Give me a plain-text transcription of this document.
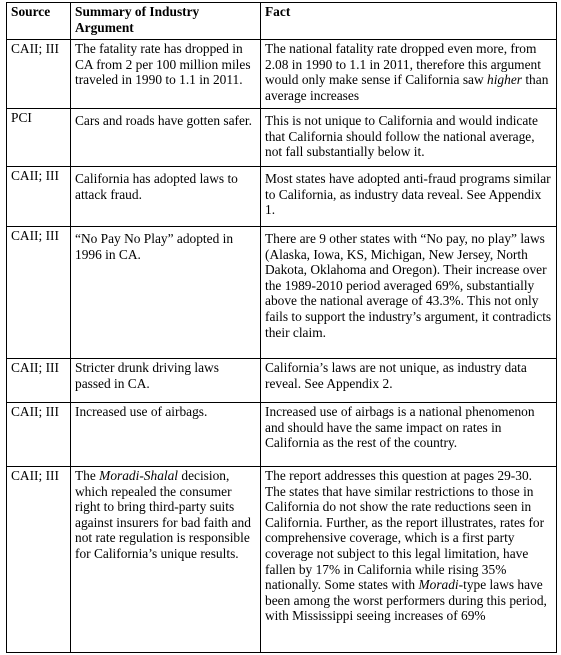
Source	Summary of Industry Argument	Fact
CAII; III	The fatality rate has dropped in CA from 2 per 100 million miles traveled in 1990 to 1.1 in 2011.	The national fatality rate dropped even more, from 2.08 in 1990 to 1.1 in 2011, therefore this argument would only make sense if California saw higher than average increases
PCI	Cars and roads have gotten safer.	This is not unique to California and would indicate that California should follow the national average, not fall substantially below it.
CAII; III	California has adopted laws to attack fraud.	Most states have adopted anti-fraud programs similar to California, as industry data reveal. See Appendix 1.
CAII; III	“No Pay No Play” adopted in 1996 in CA.	There are 9 other states with “No pay, no play” laws (Alaska, Iowa, KS, Michigan, New Jersey, North Dakota, Oklahoma and Oregon). Their increase over the 1989-2010 period averaged 69%, substantially above the national average of 43.3%. This not only fails to support the industry’s argument, it contradicts their claim.
CAII; III	Stricter drunk driving laws passed in CA.	California’s laws are not unique, as industry data reveal. See Appendix 2.
CAII; III	Increased use of airbags.	Increased use of airbags is a national phenomenon and should have the same impact on rates in California as the rest of the country.
CAII; III	The Moradi-Shalal decision, which repealed the consumer right to bring third-party suits against insurers for bad faith and not rate regulation is responsible for California’s unique results.	The report addresses this question at pages 29-30. The states that have similar restrictions to those in California do not show the rate reductions seen in California. Further, as the report illustrates, rates for comprehensive coverage, which is a first party coverage not subject to this legal limitation, have fallen by 17% in California while rising 35% nationally. Some states with Moradi-type laws have been among the worst performers during this period, with Mississippi seeing increases of 69%
